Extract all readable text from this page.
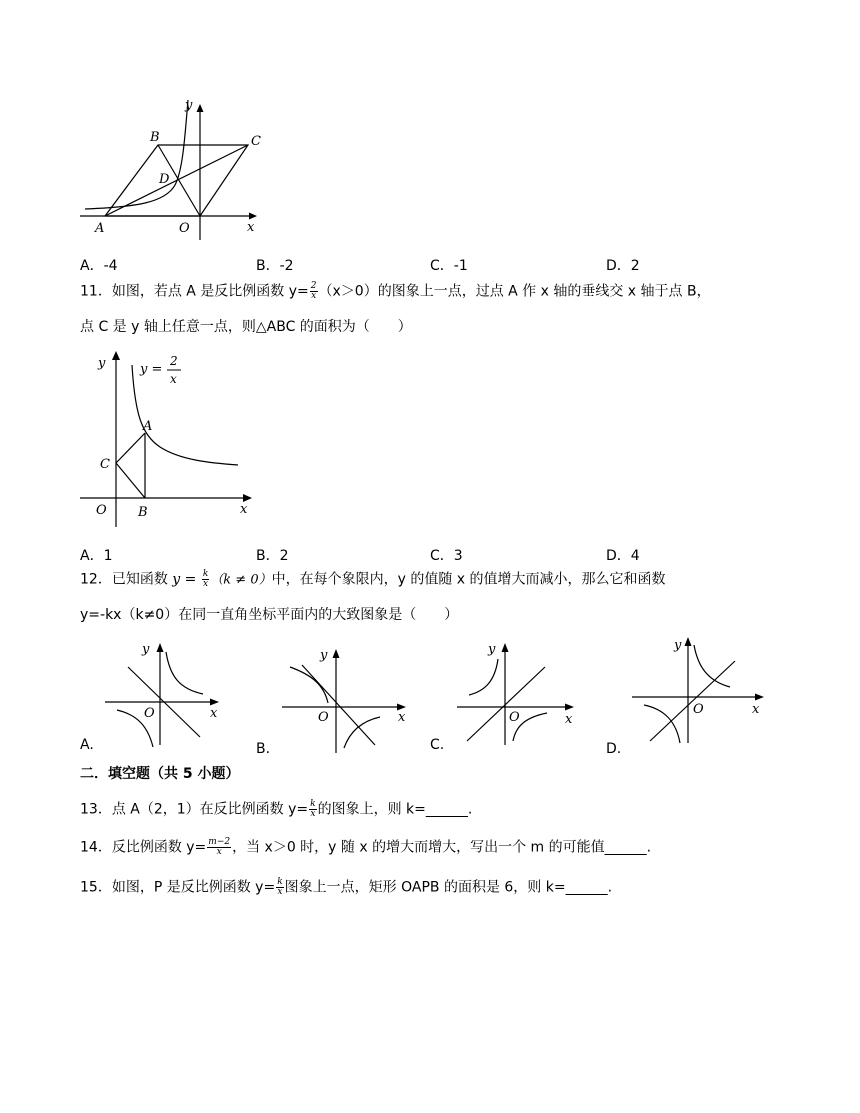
y
B	C
D
A	O	x
A．-4	B．-2	C．-1	D．2
11．如图，若点 A 是反比例函数 $y= \frac{2}{x} (x>0)$的图象上一点，过点 A 作 x 轴的垂线交 x 轴于点 B，
点 C 是 y 轴上任意一点，则△ABC 的面积为（　　）
y	y =
2
x
A
C
O B	x
A．1	B．2	C．3	D．4
12．已知函数 $y = \frac{k}{x} (k \ne 0)$中，在每个象限内，y 的值随 x 的值增大而减小，那么它和函数
y=-kx（k≠0）在同一直角坐标平面内的大致图象是（　　）
y
O	x
A.
y
O	x
B.
y
O	x
C.
y
O	x
D.
二．填空题（共 5 小题）
13．点 A（2，1）在反比例函数 $y= \frac{k}{x}$ 的图象上，则 k=______.
14．反比例函数 $y= \frac{m-2}{x}$ ，当 x＞0 时，y 随 x 的增大而增大，写出一个 m 的可能值______.
15．如图，P 是反比例函数 $y= \frac{k}{x}$ 图象上一点，矩形 OAPB 的面积是 6，则 k=______.
